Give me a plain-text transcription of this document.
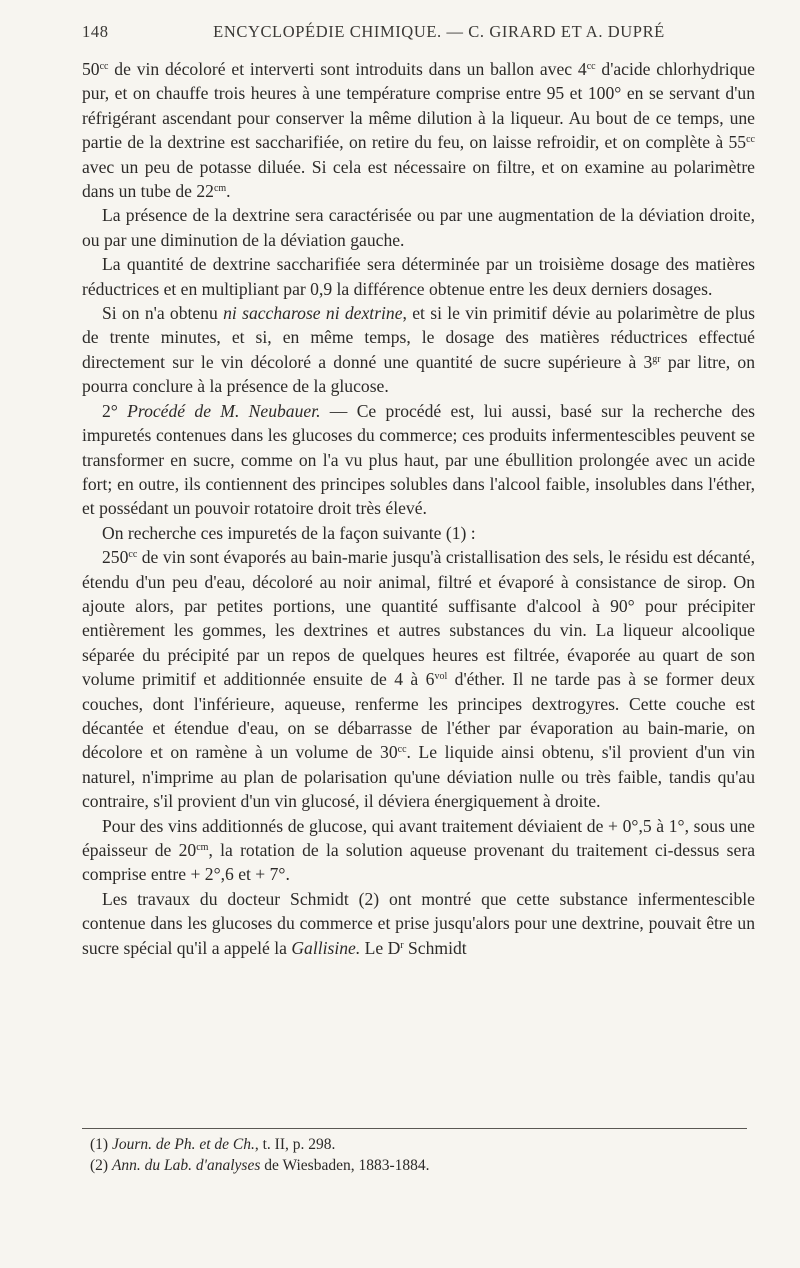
148	ENCYCLOPÉDIE CHIMIQUE. — C. GIRARD ET A. DUPRÉ

$50^{cc}$ de vin décoloré et interverti sont introduits dans un ballon avec $4^{cc}$ d'acide chlorhydrique pur, et on chauffe trois heures à une température comprise entre 95 et 100° en se servant d'un réfrigérant ascendant pour conserver la même dilution à la liqueur. Au bout de ce temps, une partie de la dextrine est saccharifiée, on retire du feu, on laisse refroidir, et on complète à $55^{cc}$ avec un peu de potasse diluée. Si cela est nécessaire on filtre, et on examine au polarimètre dans un tube de $22^{cm}$.

La présence de la dextrine sera caractérisée ou par une augmentation de la déviation droite, ou par une diminution de la déviation gauche.

La quantité de dextrine saccharifiée sera déterminée par un troisième dosage des matières réductrices et en multipliant par 0,9 la différence obtenue entre les deux derniers dosages.

Si on n'a obtenu ni saccharose ni dextrine, et si le vin primitif dévie au polarimètre de plus de trente minutes, et si, en même temps, le dosage des matières réductrices effectué directement sur le vin décoloré a donné une quantité de sucre supérieure à $3^{gr}$ par litre, on pourra conclure à la présence de la glucose.

2° Procédé de M. Neubauer. — Ce procédé est, lui aussi, basé sur la recherche des impuretés contenues dans les glucoses du commerce; ces produits infermentescibles peuvent se transformer en sucre, comme on l'a vu plus haut, par une ébullition prolongée avec un acide fort; en outre, ils contiennent des principes solubles dans l'alcool faible, insolubles dans l'éther, et possédant un pouvoir rotatoire droit très élevé.

On recherche ces impuretés de la façon suivante (1) :

$250^{cc}$ de vin sont évaporés au bain-marie jusqu'à cristallisation des sels, le résidu est décanté, étendu d'un peu d'eau, décoloré au noir animal, filtré et évaporé à consistance de sirop. On ajoute alors, par petites portions, une quantité suffisante d'alcool à 90° pour précipiter entièrement les gommes, les dextrines et autres substances du vin. La liqueur alcoolique séparée du précipité par un repos de quelques heures est filtrée, évaporée au quart de son volume primitif et additionnée ensuite de 4 à $6^{vol}$ d'éther. Il ne tarde pas à se former deux couches, dont l'inférieure, aqueuse, renferme les principes dextrogyres. Cette couche est décantée et étendue d'eau, on se débarrasse de l'éther par évaporation au bain-marie, on décolore et on ramène à un volume de $30^{cc}$. Le liquide ainsi obtenu, s'il provient d'un vin naturel, n'imprime au plan de polarisation qu'une déviation nulle ou très faible, tandis qu'au contraire, s'il provient d'un vin glucosé, il déviera énergiquement à droite.

Pour des vins additionnés de glucose, qui avant traitement déviaient de + 0°,5 à 1°, sous une épaisseur de $20^{cm}$, la rotation de la solution aqueuse provenant du traitement ci-dessus sera comprise entre + 2°,6 et + 7°.

Les travaux du docteur Schmidt (2) ont montré que cette substance infermentescible contenue dans les glucoses du commerce et prise jusqu'alors pour une dextrine, pouvait être un sucre spécial qu'il a appelé la Gallisine. Le $D^r$ Schmidt

(1) Journ. de Ph. et de Ch., t. II, p. 298.
(2) Ann. du Lab. d'analyses de Wiesbaden, 1883-1884.
